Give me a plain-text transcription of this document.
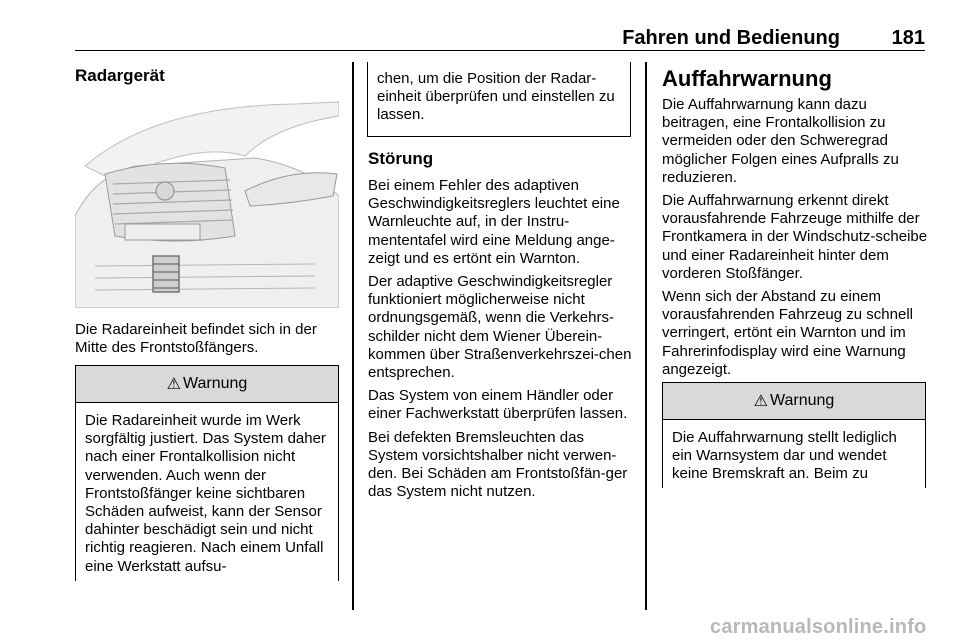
Fahren und Bedienung	181
Radargerät

Die Radareinheit befindet sich in der Mitte des Frontstoßfängers.

⚠ Warnung

Die Radareinheit wurde im Werk sorgfältig justiert. Das System daher nach einer Frontalkollision nicht verwenden. Auch wenn der Frontstoßfänger keine sichtbaren Schäden aufweist, kann der Sensor dahinter beschädigt sein und nicht richtig reagieren. Nach einem Unfall eine Werkstatt aufsu-

chen, um die Position der Radar-einheit überprüfen und einstellen zu lassen.

Störung

Bei einem Fehler des adaptiven Geschwindigkeitsreglers leuchtet eine Warnleuchte auf, in der Instru-mententafel wird eine Meldung ange-zeigt und es ertönt ein Warnton.

Der adaptive Geschwindigkeitsregler funktioniert möglicherweise nicht ordnungsgemäß, wenn die Verkehrs-schilder nicht dem Wiener Überein-kommen über Straßenverkehrszei-chen entsprechen.

Das System von einem Händler oder einer Fachwerkstatt überprüfen lassen.

Bei defekten Bremsleuchten das System vorsichtshalber nicht verwen-den. Bei Schäden am Frontstoßfän-ger das System nicht nutzen.

Auffahrwarnung

Die Auffahrwarnung kann dazu beitragen, eine Frontalkollision zu vermeiden oder den Schweregrad möglicher Folgen eines Aufpralls zu reduzieren.

Die Auffahrwarnung erkennt direkt vorausfahrende Fahrzeuge mithilfe der Frontkamera in der Windschutz-scheibe und einer Radareinheit hinter dem vorderen Stoßfänger.

Wenn sich der Abstand zu einem vorausfahrenden Fahrzeug zu schnell verringert, ertönt ein Warnton und im Fahrerinfodisplay wird eine Warnung angezeigt.

⚠ Warnung

Die Auffahrwarnung stellt lediglich ein Warnsystem dar und wendet keine Bremskraft an. Beim zu

carmanualsonline.info
